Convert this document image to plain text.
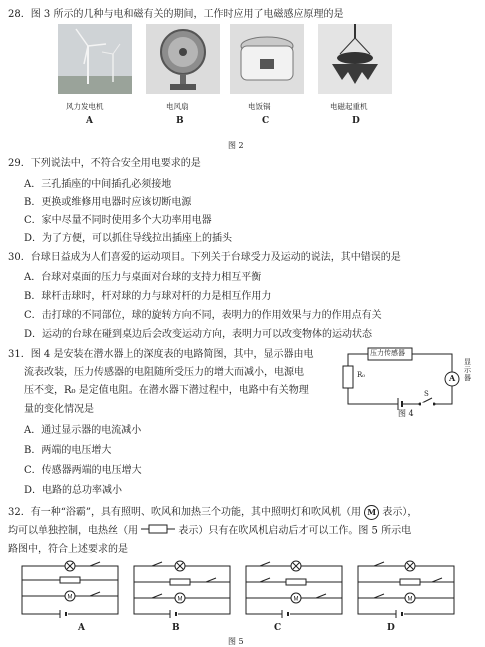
28．图 3 所示的几种与电和磁有关的期间，工作时应用了电磁感应原理的是
风力发电机	电风扇	电饭锅	电磁起重机
A	B	C	D
图 2
29．下列说法中，不符合安全用电要求的是
A．三孔插座的中间插孔必须接地
B．更换或维修用电器时应该切断电源
C．家中尽量不同时使用多个大功率用电器
D．为了方便，可以抓住导线拉出插座上的插头
30．台球日益成为人们喜爱的运动项目。下列关于台球受力及运动的说法，其中错误的是
A．台球对桌面的压力与桌面对台球的支持力相互平衡
B．球杆击球时，杆对球的力与球对杆的力是相互作用力
C．击打球的不同部位，球的旋转方向不同，表明力的作用效果与力的作用点有关
D．运动的台球在碰到桌边后会改变运动方向，表明力可以改变物体的运动状态
31．图 4 是安装在潜水器上的深度表的电路简图，其中，显示器由电
流表改装，压力传感器的电阻随所受压力的增大而减小，电源电
压不变，R₀ 是定值电阻。在潜水器下潜过程中，电路中有关物理
量的变化情况是
A．通过显示器的电流减小
B．两端的电压增大
C．传感器两端的电压增大
D．电路的总功率减小
压力传感器
R₀	A
S
显示器
图 4
32．有一种“浴霸”，具有照明、吹风和加热三个功能，其中照明灯和吹风机（用 M 表示），
均可以单独控制，电热丝（用	表示）只有在吹风机启动后才可以工作。图 5 所示电
路图中，符合上述要求的是
M	M	M	M
A	B	C	D
图 5
